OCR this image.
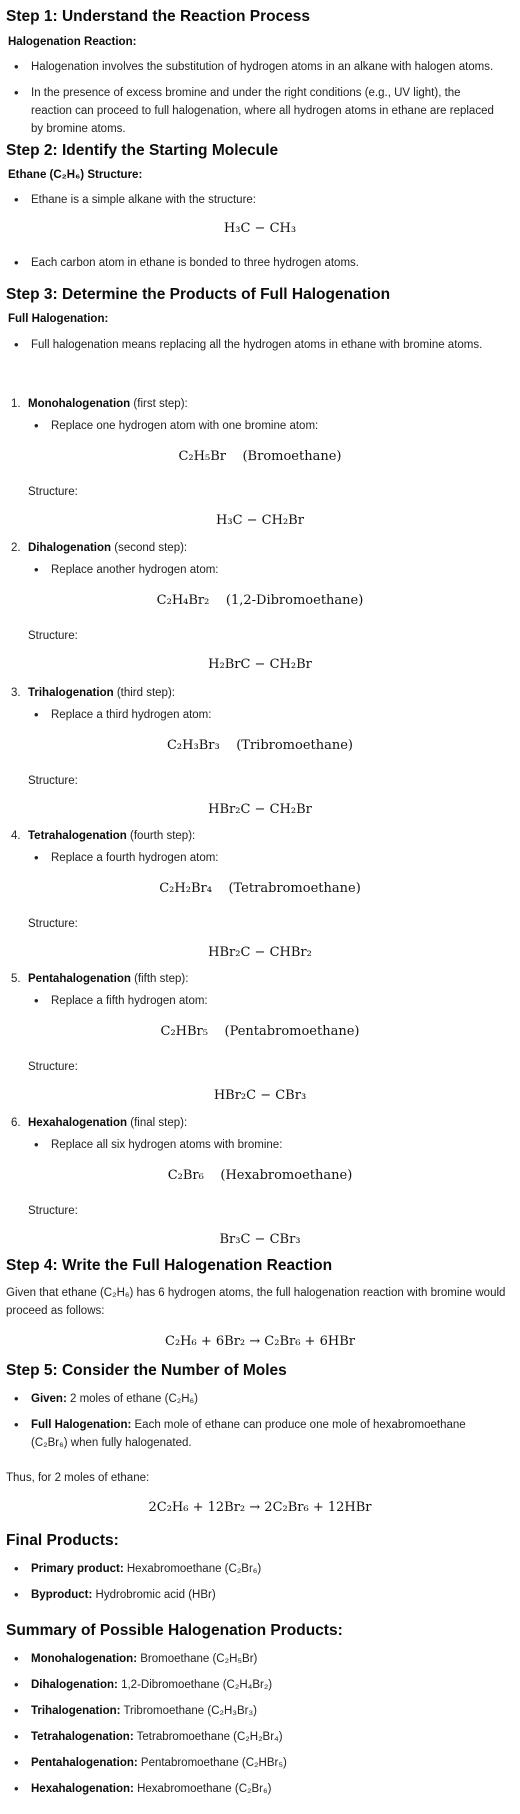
Step 1: Understand the Reaction Process
Halogenation Reaction:
• Halogenation involves the substitution of hydrogen atoms in an alkane with halogen atoms.
• In the presence of excess bromine and under the right conditions (e.g., UV light), the reaction can proceed to full halogenation, where all hydrogen atoms in ethane are replaced by bromine atoms.
Step 2: Identify the Starting Molecule
Ethane (C₂H₆) Structure:
• Ethane is a simple alkane with the structure:
H₃C − CH₃
• Each carbon atom in ethane is bonded to three hydrogen atoms.
Step 3: Determine the Products of Full Halogenation
Full Halogenation:
• Full halogenation means replacing all the hydrogen atoms in ethane with bromine atoms.
1. Monohalogenation (first step):
• Replace one hydrogen atom with one bromine atom:
C₂H₅Br    (Bromoethane)
Structure:
H₃C − CH₂Br
2. Dihalogenation (second step):
• Replace another hydrogen atom:
C₂H₄Br₂    (1,2-Dibromoethane)
Structure:
H₂BrC − CH₂Br
3. Trihalogenation (third step):
• Replace a third hydrogen atom:
C₂H₃Br₃    (Tribromoethane)
Structure:
HBr₂C − CH₂Br
4. Tetrahalogenation (fourth step):
• Replace a fourth hydrogen atom:
C₂H₂Br₄    (Tetrabromoethane)
Structure:
HBr₂C − CHBr₂
5. Pentahalogenation (fifth step):
• Replace a fifth hydrogen atom:
C₂HBr₅    (Pentabromoethane)
Structure:
HBr₂C − CBr₃
6. Hexahalogenation (final step):
• Replace all six hydrogen atoms with bromine:
C₂Br₆    (Hexabromoethane)
Structure:
Br₃C − CBr₃
Step 4: Write the Full Halogenation Reaction
Given that ethane (C₂H₆) has 6 hydrogen atoms, the full halogenation reaction with bromine would proceed as follows:
C₂H₆ + 6Br₂ → C₂Br₆ + 6HBr
Step 5: Consider the Number of Moles
• Given: 2 moles of ethane (C₂H₆)
• Full Halogenation: Each mole of ethane can produce one mole of hexabromoethane (C₂Br₆) when fully halogenated.
Thus, for 2 moles of ethane:
2C₂H₆ + 12Br₂ → 2C₂Br₆ + 12HBr
Final Products:
• Primary product: Hexabromoethane (C₂Br₆)
• Byproduct: Hydrobromic acid (HBr)
Summary of Possible Halogenation Products:
• Monohalogenation: Bromoethane (C₂H₅Br)
• Dihalogenation: 1,2-Dibromoethane (C₂H₄Br₂)
• Trihalogenation: Tribromoethane (C₂H₃Br₃)
• Tetrahalogenation: Tetrabromoethane (C₂H₂Br₄)
• Pentahalogenation: Pentabromoethane (C₂HBr₅)
• Hexahalogenation: Hexabromoethane (C₂Br₆)
